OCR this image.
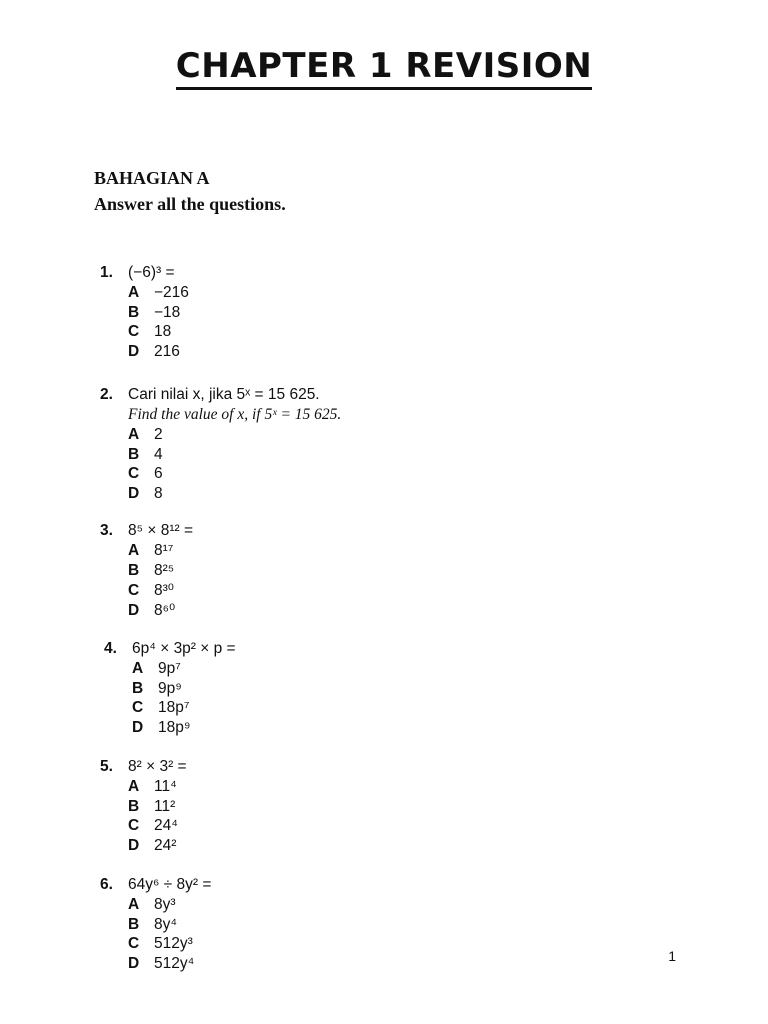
CHAPTER 1 REVISION
BAHAGIAN A
Answer all the questions.
1. (−6)³ =
A −216
B −18
C 18
D 216
2. Cari nilai x, jika 5ˣ = 15 625.
Find the value of x, if 5ˣ = 15 625.
A 2
B 4
C 6
D 8
3. 8⁵ × 8¹² =
A 8¹⁷
B 8²⁵
C 8³⁰
D 8⁶⁰
4. 6p⁴ × 3p² × p =
A 9p⁷
B 9p⁹
C 18p⁷
D 18p⁹
5. 8² × 3² =
A 11⁴
B 11²
C 24⁴
D 24²
6. 64y⁶ ÷ 8y² =
A 8y³
B 8y⁴
C 512y³
D 512y⁴	1
